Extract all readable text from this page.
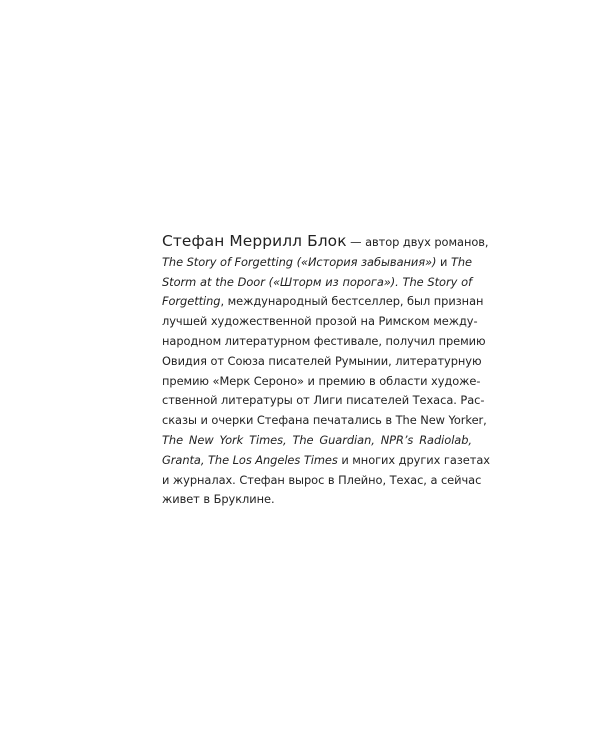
Стефан Меррилл Блок — автор двух романов,
The Story of Forgetting («История забывания») и The
Storm at the Door («Шторм из порога»). The Story of
Forgetting, международный бестселлер, был признан
лучшей художественной прозой на Римском между-
народном литературном фестивале, получил премию
Овидия от Союза писателей Румынии, литературную
премию «Мерк Сероно» и премию в области художе-
ственной литературы от Лиги писателей Техаса. Рас-
сказы и очерки Стефана печатались в The New Yorker,
The New York Times, The Guardian, NPR’s Radiolab,
Granta, The Los Angeles Times и многих других газетах
и журналах. Стефан вырос в Плейно, Техас, а сейчас
живет в Бруклине.
